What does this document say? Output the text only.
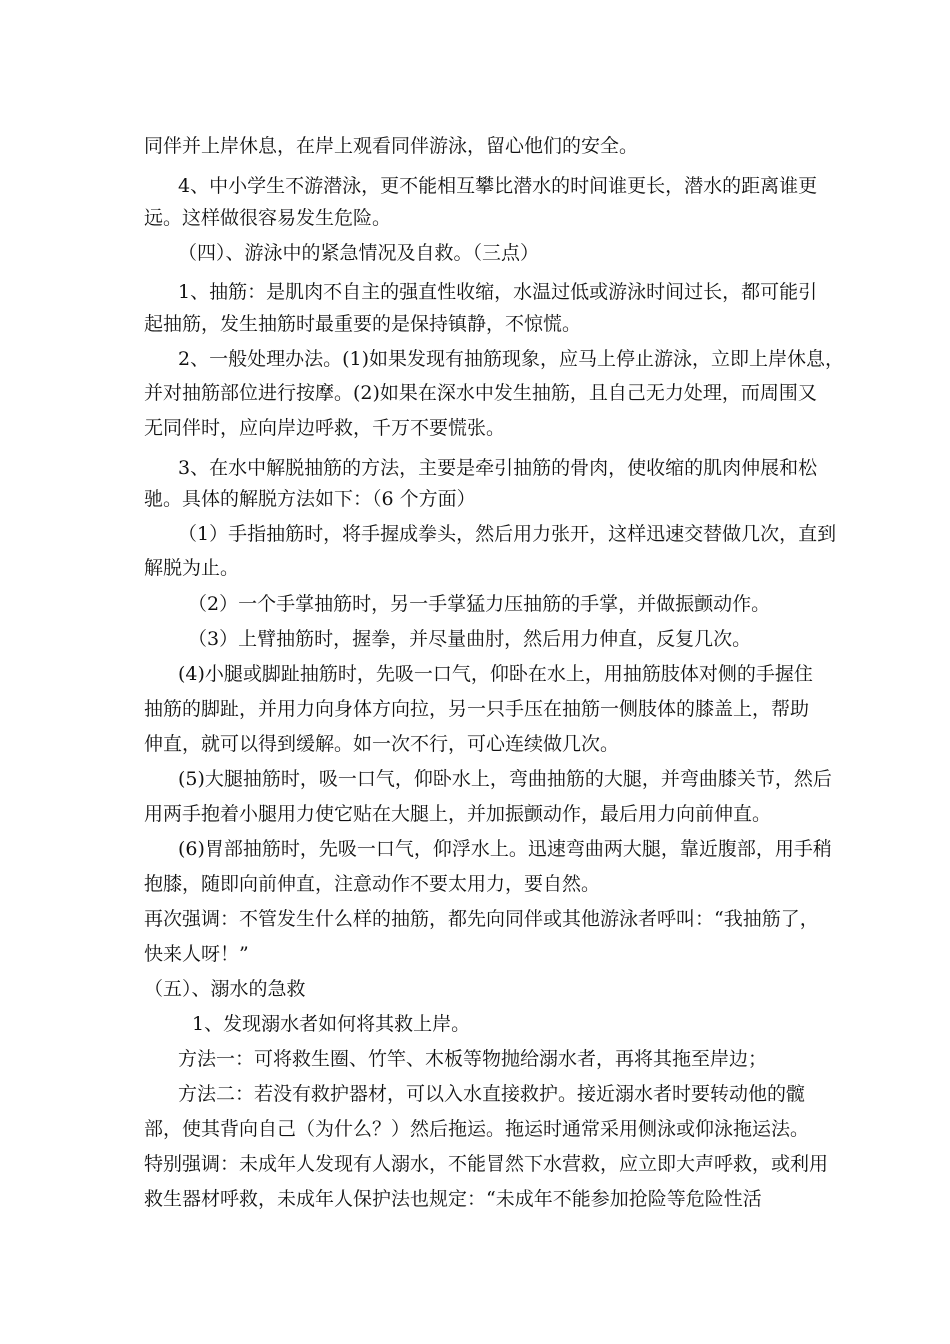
同伴并上岸休息，在岸上观看同伴游泳，留心他们的安全。
4、中小学生不游潜泳，更不能相互攀比潜水的时间谁更长，潜水的距离谁更
远。这样做很容易发生危险。
（四）、游泳中的紧急情况及自救。（三点）
1、抽筋：是肌肉不自主的强直性收缩，水温过低或游泳时间过长，都可能引
起抽筋，发生抽筋时最重要的是保持镇静，不惊慌。
2、一般处理办法。(1)如果发现有抽筋现象，应马上停止游泳，立即上岸休息，
并对抽筋部位进行按摩。(2)如果在深水中发生抽筋，且自己无力处理，而周围又
无同伴时，应向岸边呼救，千万不要慌张。
3、在水中解脱抽筋的方法，主要是牵引抽筋的骨肉，使收缩的肌肉伸展和松
驰。具体的解脱方法如下：（6 个方面）
（1）手指抽筋时，将手握成拳头，然后用力张开，这样迅速交替做几次，直到
解脱为止。
（2）一个手掌抽筋时，另一手掌猛力压抽筋的手掌，并做振颤动作。
（3）上臂抽筋时，握拳，并尽量曲肘，然后用力伸直，反复几次。
(4)小腿或脚趾抽筋时，先吸一口气，仰卧在水上，用抽筋肢体对侧的手握住
抽筋的脚趾，并用力向身体方向拉，另一只手压在抽筋一侧肢体的膝盖上，帮助
伸直，就可以得到缓解。如一次不行，可心连续做几次。
(5)大腿抽筋时，吸一口气，仰卧水上，弯曲抽筋的大腿，并弯曲膝关节，然后
用两手抱着小腿用力使它贴在大腿上，并加振颤动作，最后用力向前伸直。
(6)胃部抽筋时，先吸一口气，仰浮水上。迅速弯曲两大腿，靠近腹部，用手稍
抱膝，随即向前伸直，注意动作不要太用力，要自然。
再次强调：不管发生什么样的抽筋，都先向同伴或其他游泳者呼叫：“我抽筋了，
快来人呀！”
（五）、溺水的急救
1、发现溺水者如何将其救上岸。
方法一：可将救生圈、竹竿、木板等物抛给溺水者，再将其拖至岸边；
方法二：若没有救护器材，可以入水直接救护。接近溺水者时要转动他的髋
部，使其背向自己（为什么？）然后拖运。拖运时通常采用侧泳或仰泳拖运法。
特别强调：未成年人发现有人溺水，不能冒然下水营救，应立即大声呼救，或利用
救生器材呼救，未成年人保护法也规定：“未成年不能参加抢险等危险性活
